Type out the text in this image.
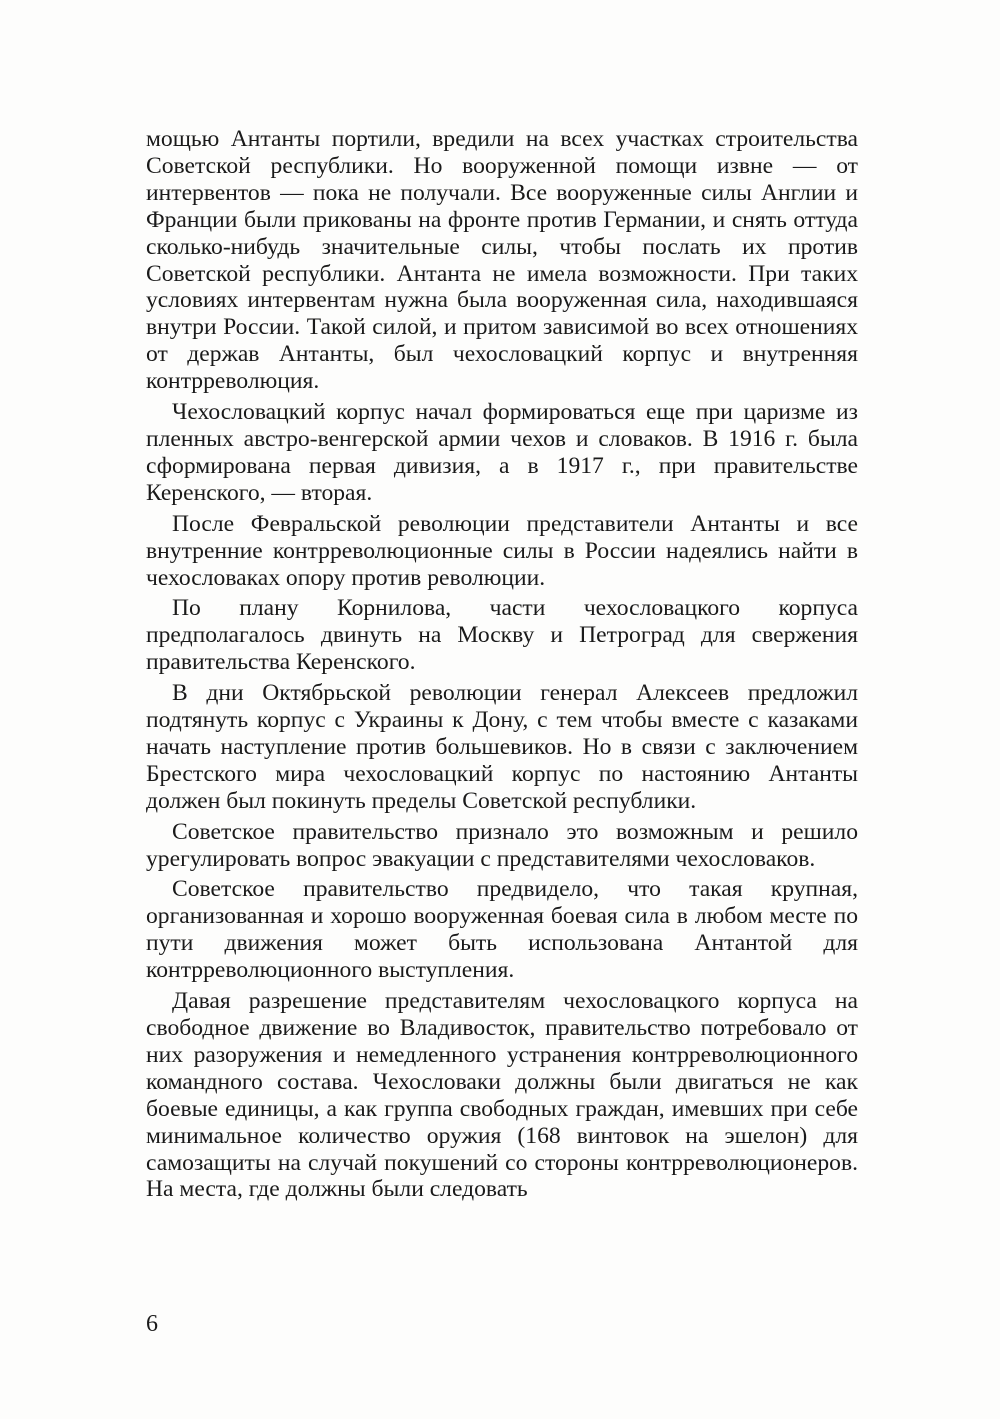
мощью Антанты портили, вредили на всех участках строительства Советской республики. Но вооруженной помощи извне — от интервентов — пока не получали. Все вооруженные силы Англии и Франции были прикованы на фронте против Германии, и снять оттуда сколько-нибудь значительные силы, чтобы послать их против Советской республики. Антанта не имела возможности. При таких условиях интервентам нужна была вооруженная сила, находившаяся внутри России. Такой силой, и притом зависимой во всех отношениях от держав Антанты, был чехословацкий корпус и внутренняя контрреволюция.

Чехословацкий корпус начал формироваться еще при царизме из пленных австро-венгерской армии чехов и словаков. В 1916 г. была сформирована первая дивизия, а в 1917 г., при правительстве Керенского, — вторая.

После Февральской революции представители Антанты и все внутренние контрреволюционные силы в России надеялись найти в чехословаках опору против революции.

По плану Корнилова, части чехословацкого корпуса предполагалось двинуть на Москву и Петроград для свержения правительства Керенского.

В дни Октябрьской революции генерал Алексеев предложил подтянуть корпус с Украины к Дону, с тем чтобы вместе с казаками начать наступление против большевиков. Но в связи с заключением Брестского мира чехословацкий корпус по настоянию Антанты должен был покинуть пределы Советской республики.

Советское правительство признало это возможным и решило урегулировать вопрос эвакуации с представителями чехословаков.

Советское правительство предвидело, что такая крупная, организованная и хорошо вооруженная боевая сила в любом месте по пути движения может быть использована Антантой для контрреволюционного выступления.

Давая разрешение представителям чехословацкого корпуса на свободное движение во Владивосток, правительство потребовало от них разоружения и немедленного устранения контрреволюционного командного состава. Чехословаки должны были двигаться не как боевые единицы, а как группа свободных граждан, имевших при себе минимальное количество оружия (168 винтовок на эшелон) для самозащиты на случай покушений со стороны контрреволюционеров. На места, где должны были следовать

6
